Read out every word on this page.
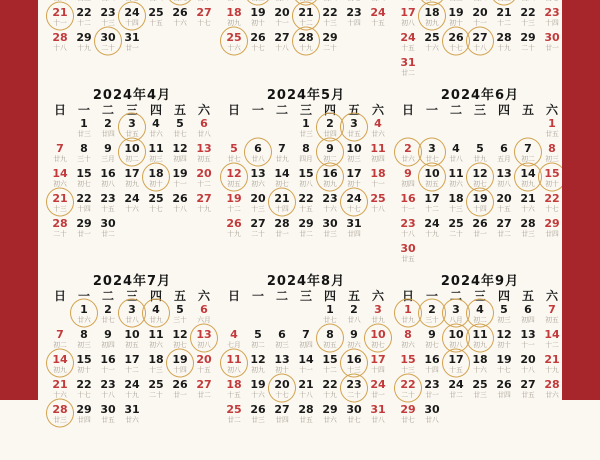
21
十一
22
十二
23
十三
24
十四
25
十五
26
十六
27
十七
28
十八
29
十九
30
二十
31
廿一
18
初九
19
初十
20
十一
21
十二
22
十三
23
十四
24
十五
25
十六
26
十七
27
十八
28
十九
29
二十
17
初八
18
初九
19
初十
20
十一
21
十二
22
十三
23
十四
24
十五
25
十六
26
十七
27
十八
28
十九
29
二十
30
廿一
31
廿二
2024年4月
日 一 二 三 四 五 六
1
廿三
2
廿四
3
廿五
4
廿六
5
廿七
6
廿八
7
廿九
8
三十
9
三月
10
初二
11
初三
12
初四
13
初五
14
初六
15
初七
16
初八
17
初九
18
初十
19
十一
20
十二
21
十三
22
十四
23
十五
24
十六
25
十七
26
十八
27
十九
28
二十
29
廿一
30
廿二
2024年5月
日 一 二 三 四 五 六
1
廿三
2
廿四
3
廿五
4
廿六
5
廿七
6
廿八
7
廿九
8
四月
9
初二
10
初三
11
初四
12
初五
13
初六
14
初七
15
初八
16
初九
17
初十
18
十一
19
十二
20
十三
21
十四
22
十五
23
十六
24
十七
25
十八
26
十九
27
二十
28
廿一
29
廿二
30
廿三
31
廿四
2024年6月
日 一 二 三 四 五 六
1
廿五
2
廿六
3
廿七
4
廿八
5
廿九
6
五月
7
初二
8
初三
9
初四
10
初五
11
初六
12
初七
13
初八
14
初九
15
初十
16
十一
17
十二
18
十三
19
十四
20
十五
21
十六
22
十七
23
十八
24
十九
25
二十
26
廿一
27
廿二
28
廿三
29
廿四
30
廿五
2024年7月
日 一 二 三 四 五 六
1
廿六
2
廿七
3
廿八
4
廿九
5
三十
6
六月
7
初二
8
初三
9
初四
10
初五
11
初六
12
初七
13
初八
14
初九
15
初十
16
十一
17
十二
18
十三
19
十四
20
十五
21
十六
22
十七
23
十八
24
十九
25
二十
26
廿一
27
廿二
28
廿三
29
廿四
30
廿五
31
廿六
2024年8月
日 一 二 三 四 五 六
1
廿七
2
廿八
3
廿九
4
七月
5
初二
6
初三
7
初四
8
初五
9
初六
10
初七
11
初八
12
初九
13
初十
14
十一
15
十二
16
十三
17
十四
18
十五
19
十六
20
十七
21
十八
22
十九
23
二十
24
廿一
25
廿二
26
廿三
27
廿四
28
廿五
29
廿六
30
廿七
31
廿八
2024年9月
日 一 二 三 四 五 六
1
廿九
2
三十
3
八月
4
初二
5
初三
6
初四
7
初五
8
初六
9
初七
10
初八
11
初九
12
初十
13
十一
14
十二
15
十三
16
十四
17
十五
18
十六
19
十七
20
十八
21
十九
22
二十
23
廿一
24
廿二
25
廿三
26
廿四
27
廿五
28
廿六
29
廿七
30
廿八
